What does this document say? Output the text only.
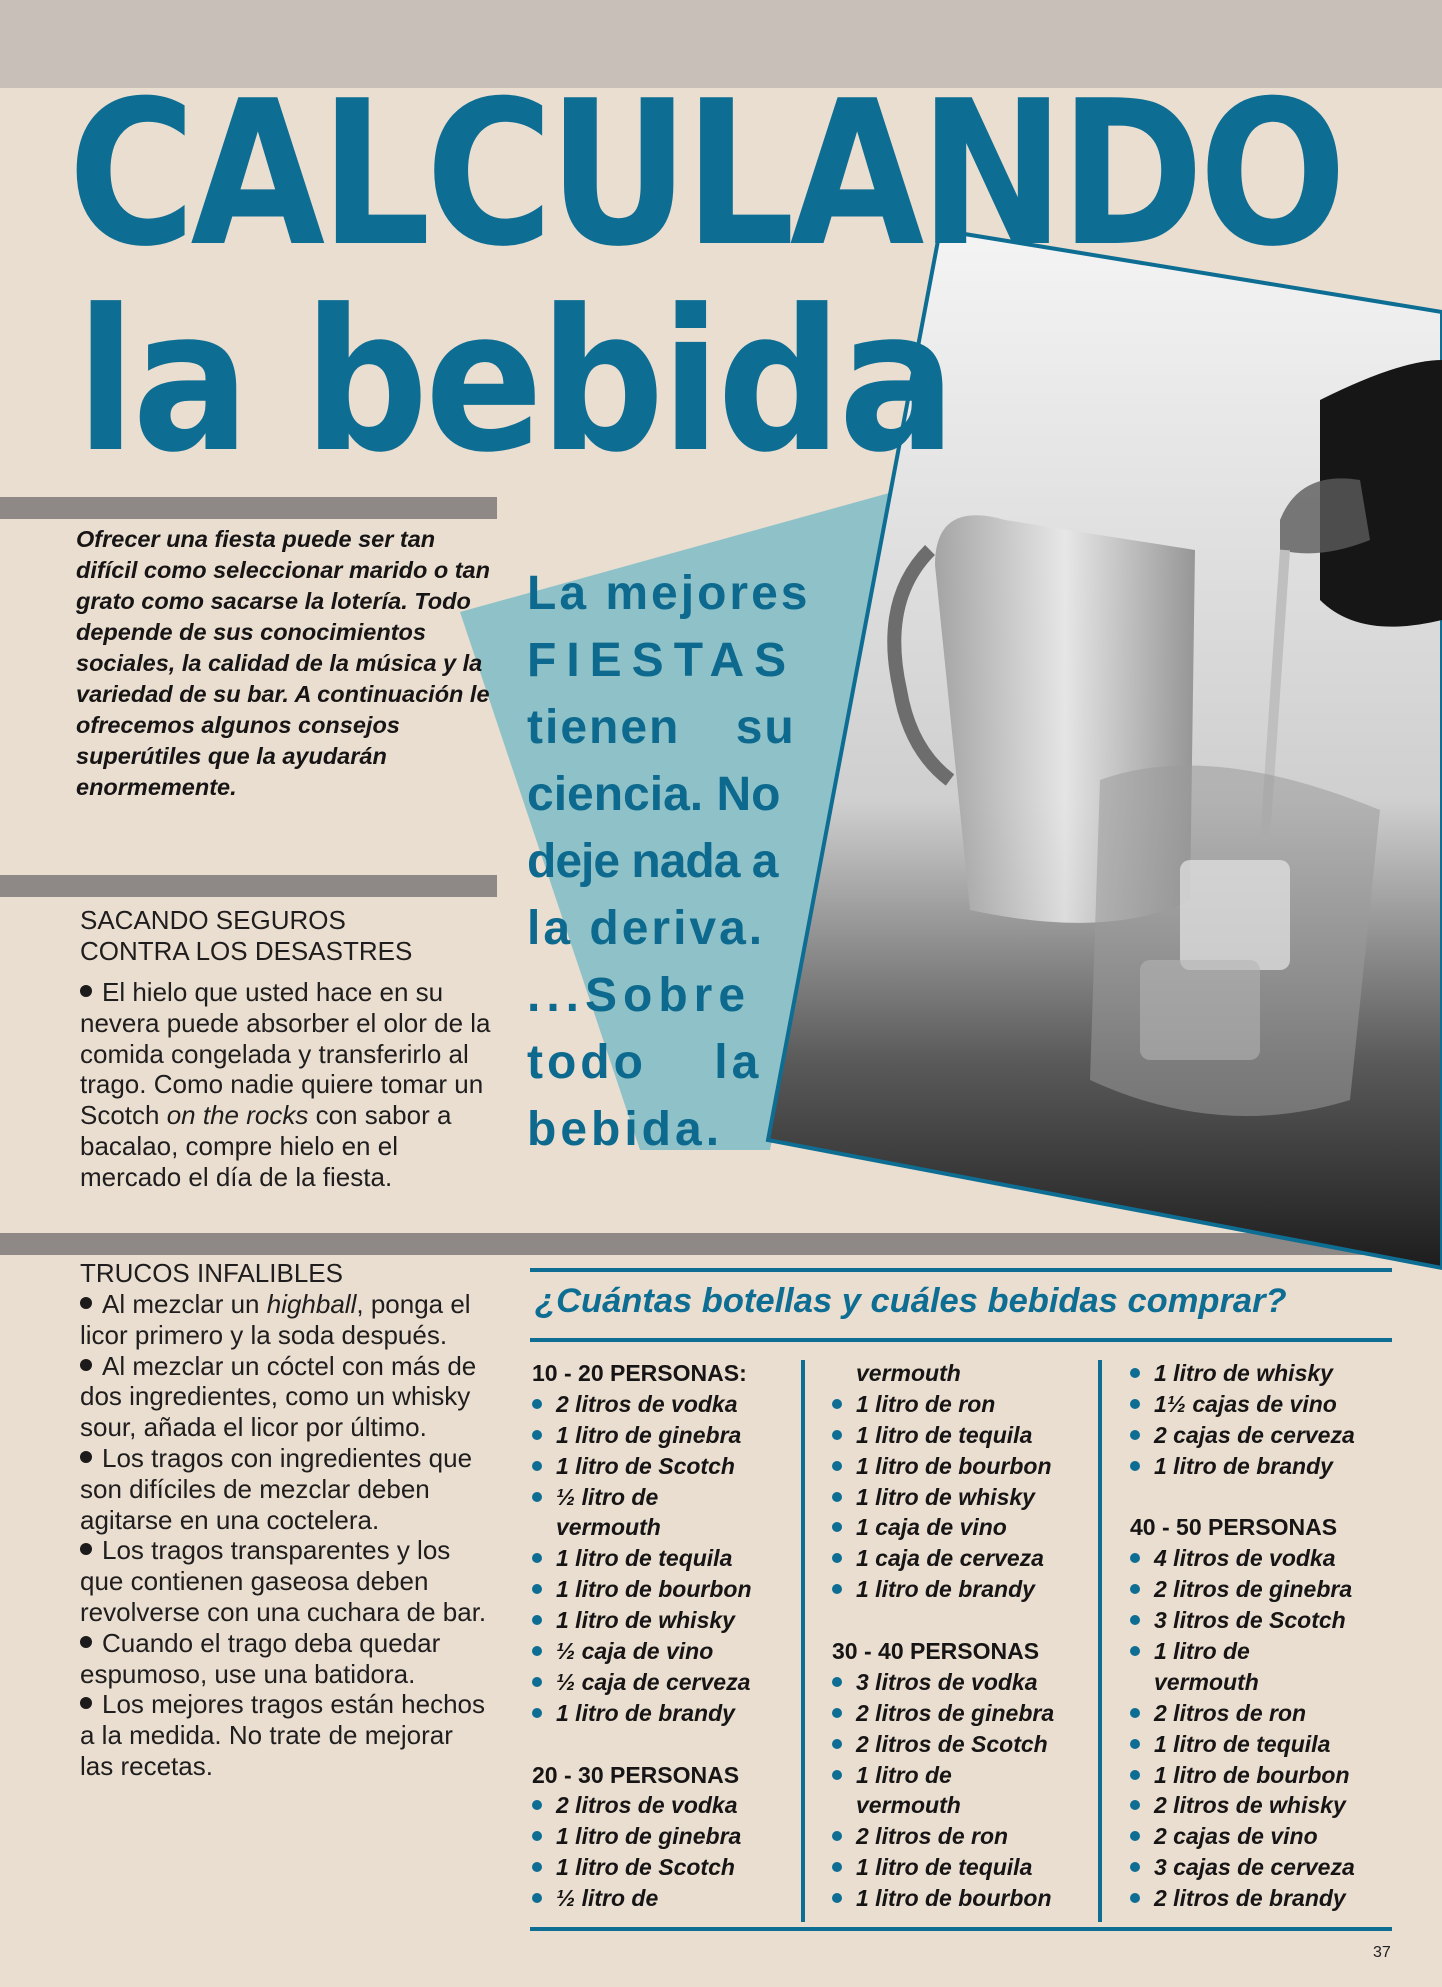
CALCULANDO
la bebida

Ofrecer una fiesta puede ser tan difícil como seleccionar marido o tan grato como sacarse la lotería. Todo depende de sus conocimientos sociales, la calidad de la música y la variedad de su bar. A continuación le ofrecemos algunos consejos superútiles que la ayudarán enormemente.

La mejores
FIESTAS
tienen su
ciencia. No
deje nada a
la deriva.
...Sobre
todo la
bebida.

SACANDO SEGUROS

CONTRA LOS DESASTRES

El hielo que usted hace en su nevera puede absorber el olor de la comida congelada y transferirlo al trago. Como nadie quiere tomar un Scotch on the rocks con sabor a bacalao, compre hielo en el mercado el día de la fiesta.

TRUCOS INFALIBLES

Al mezclar un highball, ponga el licor primero y la soda después.

Al mezclar un cóctel con más de dos ingredientes, como un whisky sour, añada el licor por último.

Los tragos con ingredientes que son difíciles de mezclar deben agitarse en una coctelera.

Los tragos transparentes y los que contienen gaseosa deben revolverse con una cuchara de bar.

Cuando el trago deba quedar espumoso, use una batidora.

Los mejores tragos están hechos a la medida. No trate de mejorar las recetas.

¿Cuántas botellas y cuáles bebidas comprar?
10 - 20 PERSONAS:
2 litros de vodka
1 litro de ginebra
1 litro de Scotch
½ litro de
vermouth
1 litro de tequila
1 litro de bourbon
1 litro de whisky
½ caja de vino
½ caja de cerveza
1 litro de brandy
20 - 30 PERSONAS
2 litros de vodka
1 litro de ginebra
1 litro de Scotch
½ litro de
vermouth
1 litro de ron
1 litro de tequila
1 litro de bourbon
1 litro de whisky
1 caja de vino
1 caja de cerveza
1 litro de brandy
30 - 40 PERSONAS
3 litros de vodka
2 litros de ginebra
2 litros de Scotch
1 litro de
vermouth
2 litros de ron
1 litro de tequila
1 litro de bourbon
1 litro de whisky
1½ cajas de vino
2 cajas de cerveza
1 litro de brandy
40 - 50 PERSONAS
4 litros de vodka
2 litros de ginebra
3 litros de Scotch
1 litro de
vermouth
2 litros de ron
1 litro de tequila
1 litro de bourbon
2 litros de whisky
2 cajas de vino
3 cajas de cerveza
2 litros de brandy

37
